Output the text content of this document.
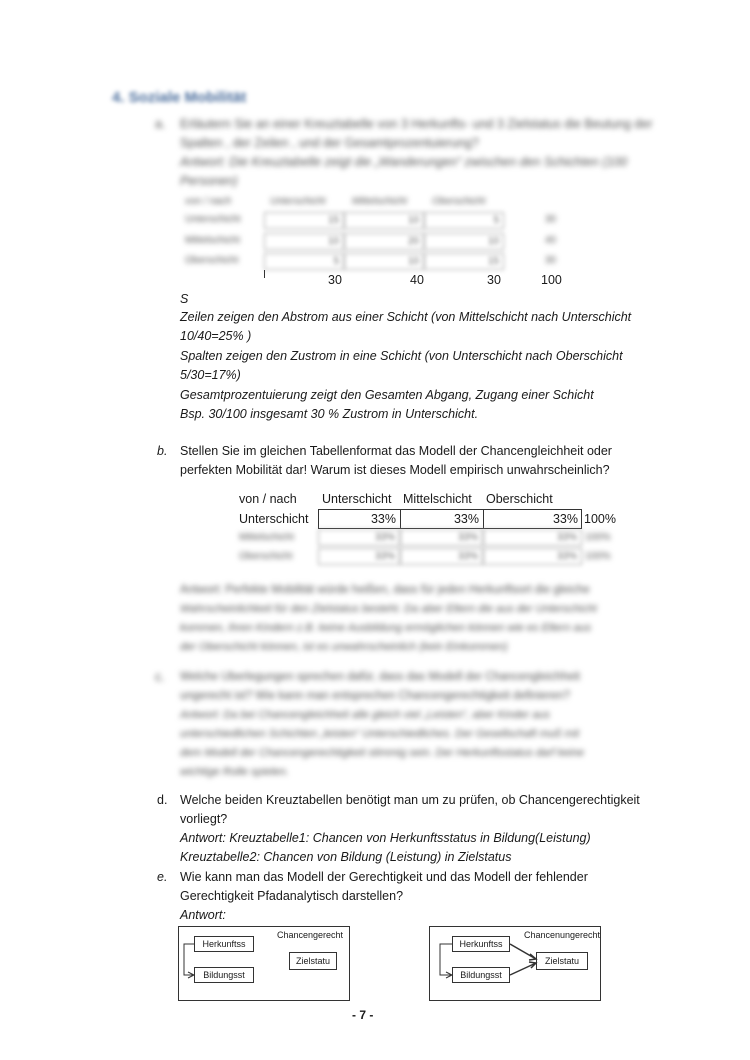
4. Soziale Mobilität
a. Erläutern Sie an einer Kreuztabelle von 3 Herkunfts- und 3 Zielstatus die Beutung der
Spalten , der Zeilen , und der Gesamtprozentuierung?
Antwort: Die Kreuztabelle zeigt die „Wanderungen“ zwischen den Schichten (100
Personen)
von / nach	Unterschicht	Mittelschicht Oberschicht
Unterschicht	15	10	5	30
Mittelschicht	10	20	10	40
Oberschicht	5	10	15	30
30	40	30	100
S
Zeilen zeigen den Abstrom aus einer Schicht (von Mittelschicht nach Unterschicht
10/40=25% )
Spalten zeigen den Zustrom in eine Schicht (von Unterschicht nach Oberschicht
5/30=17%)
Gesamtprozentuierung zeigt den Gesamten Abgang, Zugang einer Schicht
Bsp. 30/100 insgesamt 30 % Zustrom in Unterschicht.
b. Stellen Sie im gleichen Tabellenformat das Modell der Chancengleichheit oder
perfekten Mobilität dar! Warum ist dieses Modell empirisch unwahrscheinlich?
von / nach Unterschicht Mittelschicht Oberschicht
Unterschicht	33%	33%	33% 100%
Mittelschicht	33%	33%	33% 100%
Oberschicht	33%	33%	33% 100%
Antwort: Perfekte Mobilität würde heißen, dass für jeden Herkunftsort die gleiche
Wahrscheinlichkeit für den Zielstatus besteht. Da aber Eltern die aus der Unterschicht
kommen, ihren Kindern z.B. keine Ausbildung ermöglichen können wie es Eltern aus
der Oberschicht können, ist es unwahrscheinlich (kein Einkommen)
c. Welche Überlegungen sprechen dafür, dass das Modell der Chancengleichheit
ungerecht ist? Wie kann man entsprechen Chancengerechtigkeit definieren?
Antwort: Da bei Chancengleichheit alle gleich viel „Leisten“, aber Kinder aus
unterschiedlichen Schichten „leisten“ Unterschiedliches. Der Gesellschaft muß mit
dem Modell der Chancengerechtigkeit stimmig sein. Der Herkunftsstatus darf keine
wichtige Rolle spielen.
d. Welche beiden Kreuztabellen benötigt man um zu prüfen, ob Chancengerechtigkeit
vorliegt?
Antwort: Kreuztabelle1: Chancen von Herkunftsstatus in Bildung(Leistung)
Kreuztabelle2: Chancen von Bildung (Leistung) in Zielstatus
e. Wie kann man das Modell der Gerechtigkeit und das Modell der fehlender
Gerechtigkeit Pfadanalytisch darstellen?
Antwort:
Chancengerecht
Herkunftss
Bildungsst
Zielstatu
Chancenungerecht
Herkunftss
Bildungsst
Zielstatu
- 7 -
